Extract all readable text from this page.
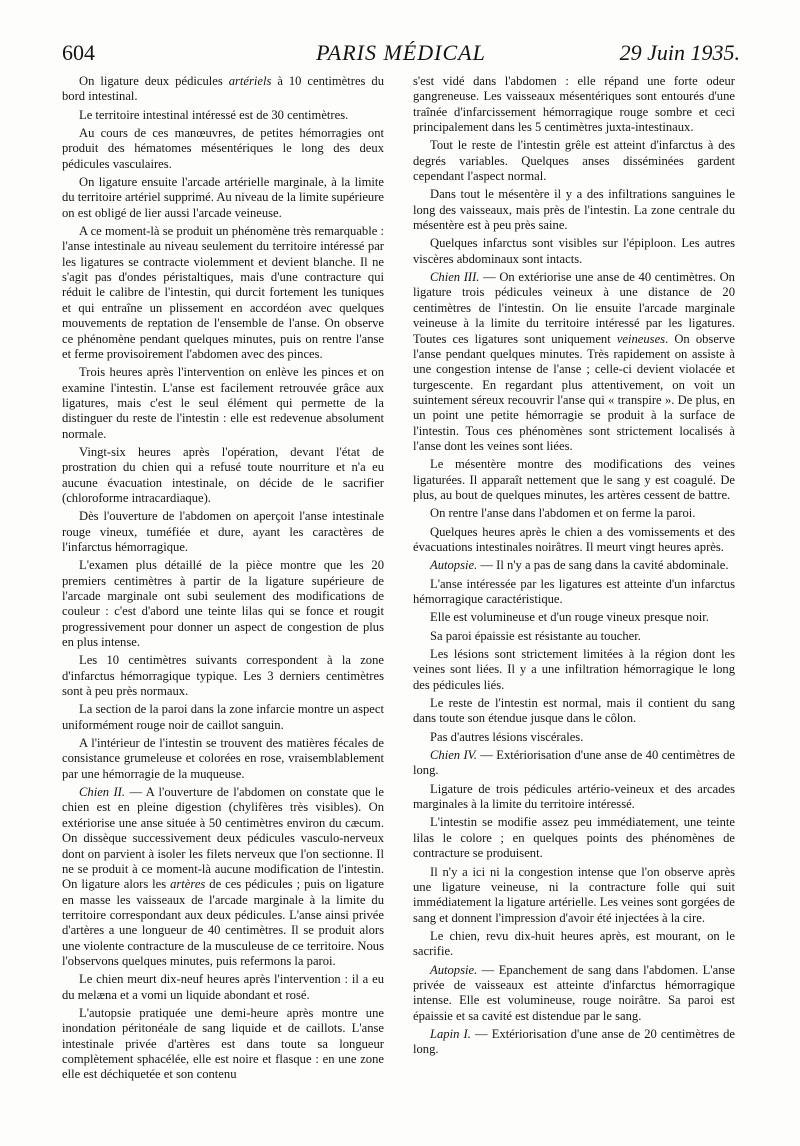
604	PARIS MÉDICAL	29 Juin 1935.

On ligature deux pédicules artériels à 10 centimètres du bord intestinal.

Le territoire intestinal intéressé est de 30 centimètres.

Au cours de ces manœuvres, de petites hémorragies ont produit des hématomes mésentériques le long des deux pédicules vasculaires.

On ligature ensuite l'arcade artérielle marginale, à la limite du territoire artériel supprimé. Au niveau de la limite supérieure on est obligé de lier aussi l'arcade veineuse.

A ce moment-là se produit un phénomène très remarquable : l'anse intestinale au niveau seulement du territoire intéressé par les ligatures se contracte violemment et devient blanche. Il ne s'agit pas d'ondes péristaltiques, mais d'une contracture qui réduit le calibre de l'intestin, qui durcit fortement les tuniques et qui entraîne un plissement en accordéon avec quelques mouvements de reptation de l'ensemble de l'anse. On observe ce phénomène pendant quelques minutes, puis on rentre l'anse et ferme provisoirement l'abdomen avec des pinces.

Trois heures après l'intervention on enlève les pinces et on examine l'intestin. L'anse est facilement retrouvée grâce aux ligatures, mais c'est le seul élément qui permette de la distinguer du reste de l'intestin : elle est redevenue absolument normale.

Vingt-six heures après l'opération, devant l'état de prostration du chien qui a refusé toute nourriture et n'a eu aucune évacuation intestinale, on décide de le sacrifier (chloroforme intracardiaque).

Dès l'ouverture de l'abdomen on aperçoit l'anse intestinale rouge vineux, tuméfiée et dure, ayant les caractères de l'infarctus hémorragique.

L'examen plus détaillé de la pièce montre que les 20 premiers centimètres à partir de la ligature supérieure de l'arcade marginale ont subi seulement des modifications de couleur : c'est d'abord une teinte lilas qui se fonce et rougit progressivement pour donner un aspect de congestion de plus en plus intense.

Les 10 centimètres suivants correspondent à la zone d'infarctus hémorragique typique. Les 3 derniers centimètres sont à peu près normaux.

La section de la paroi dans la zone infarcie montre un aspect uniformément rouge noir de caillot sanguin.

A l'intérieur de l'intestin se trouvent des matières fécales de consistance grumeleuse et colorées en rose, vraisemblablement par une hémorragie de la muqueuse.

Chien II. — A l'ouverture de l'abdomen on constate que le chien est en pleine digestion (chylifères très visibles). On extériorise une anse située à 50 centimètres environ du cæcum. On dissèque successivement deux pédicules vasculo-nerveux dont on parvient à isoler les filets nerveux que l'on sectionne. Il ne se produit à ce moment-là aucune modification de l'intestin. On ligature alors les artères de ces pédicules ; puis on ligature en masse les vaisseaux de l'arcade marginale à la limite du territoire correspondant aux deux pédicules. L'anse ainsi privée d'artères a une longueur de 40 centimètres. Il se produit alors une violente contracture de la musculeuse de ce territoire. Nous l'observons quelques minutes, puis refermons la paroi.

Le chien meurt dix-neuf heures après l'intervention : il a eu du melæna et a vomi un liquide abondant et rosé.

L'autopsie pratiquée une demi-heure après montre une inondation péritonéale de sang liquide et de caillots. L'anse intestinale privée d'artères est dans toute sa longueur complètement sphacélée, elle est noire et flasque : en une zone elle est déchiquetée et son contenu

s'est vidé dans l'abdomen : elle répand une forte odeur gangreneuse. Les vaisseaux mésentériques sont entourés d'une traînée d'infarcissement hémorragique rouge sombre et ceci principalement dans les 5 centimètres juxta-intestinaux.

Tout le reste de l'intestin grêle est atteint d'infarctus à des degrés variables. Quelques anses disséminées gardent cependant l'aspect normal.

Dans tout le mésentère il y a des infiltrations sanguines le long des vaisseaux, mais près de l'intestin. La zone centrale du mésentère est à peu près saine.

Quelques infarctus sont visibles sur l'épiploon. Les autres viscères abdominaux sont intacts.

Chien III. — On extériorise une anse de 40 centimètres. On ligature trois pédicules veineux à une distance de 20 centimètres de l'intestin. On lie ensuite l'arcade marginale veineuse à la limite du territoire intéressé par les ligatures. Toutes ces ligatures sont uniquement veineuses. On observe l'anse pendant quelques minutes. Très rapidement on assiste à une congestion intense de l'anse ; celle-ci devient violacée et turgescente. En regardant plus attentivement, on voit un suintement séreux recouvrir l'anse qui « transpire ». De plus, en un point une petite hémorragie se produit à la surface de l'intestin. Tous ces phénomènes sont strictement localisés à l'anse dont les veines sont liées.

Le mésentère montre des modifications des veines ligaturées. Il apparaît nettement que le sang y est coagulé. De plus, au bout de quelques minutes, les artères cessent de battre.

On rentre l'anse dans l'abdomen et on ferme la paroi.

Quelques heures après le chien a des vomissements et des évacuations intestinales noirâtres. Il meurt vingt heures après.

Autopsie. — Il n'y a pas de sang dans la cavité abdominale.

L'anse intéressée par les ligatures est atteinte d'un infarctus hémorragique caractéristique.

Elle est volumineuse et d'un rouge vineux presque noir.

Sa paroi épaissie est résistante au toucher.

Les lésions sont strictement limitées à la région dont les veines sont liées. Il y a une infiltration hémorragique le long des pédicules liés.

Le reste de l'intestin est normal, mais il contient du sang dans toute son étendue jusque dans le côlon.

Pas d'autres lésions viscérales.

Chien IV. — Extériorisation d'une anse de 40 centimètres de long.

Ligature de trois pédicules artério-veineux et des arcades marginales à la limite du territoire intéressé.

L'intestin se modifie assez peu immédiatement, une teinte lilas le colore ; en quelques points des phénomènes de contracture se produisent.

Il n'y a ici ni la congestion intense que l'on observe après une ligature veineuse, ni la contracture folle qui suit immédiatement la ligature artérielle. Les veines sont gorgées de sang et donnent l'impression d'avoir été injectées à la cire.

Le chien, revu dix-huit heures après, est mourant, on le sacrifie.

Autopsie. — Epanchement de sang dans l'abdomen. L'anse privée de vaisseaux est atteinte d'infarctus hémorragique intense. Elle est volumineuse, rouge noirâtre. Sa paroi est épaissie et sa cavité est distendue par le sang.

Lapin I. — Extériorisation d'une anse de 20 centimètres de long.
